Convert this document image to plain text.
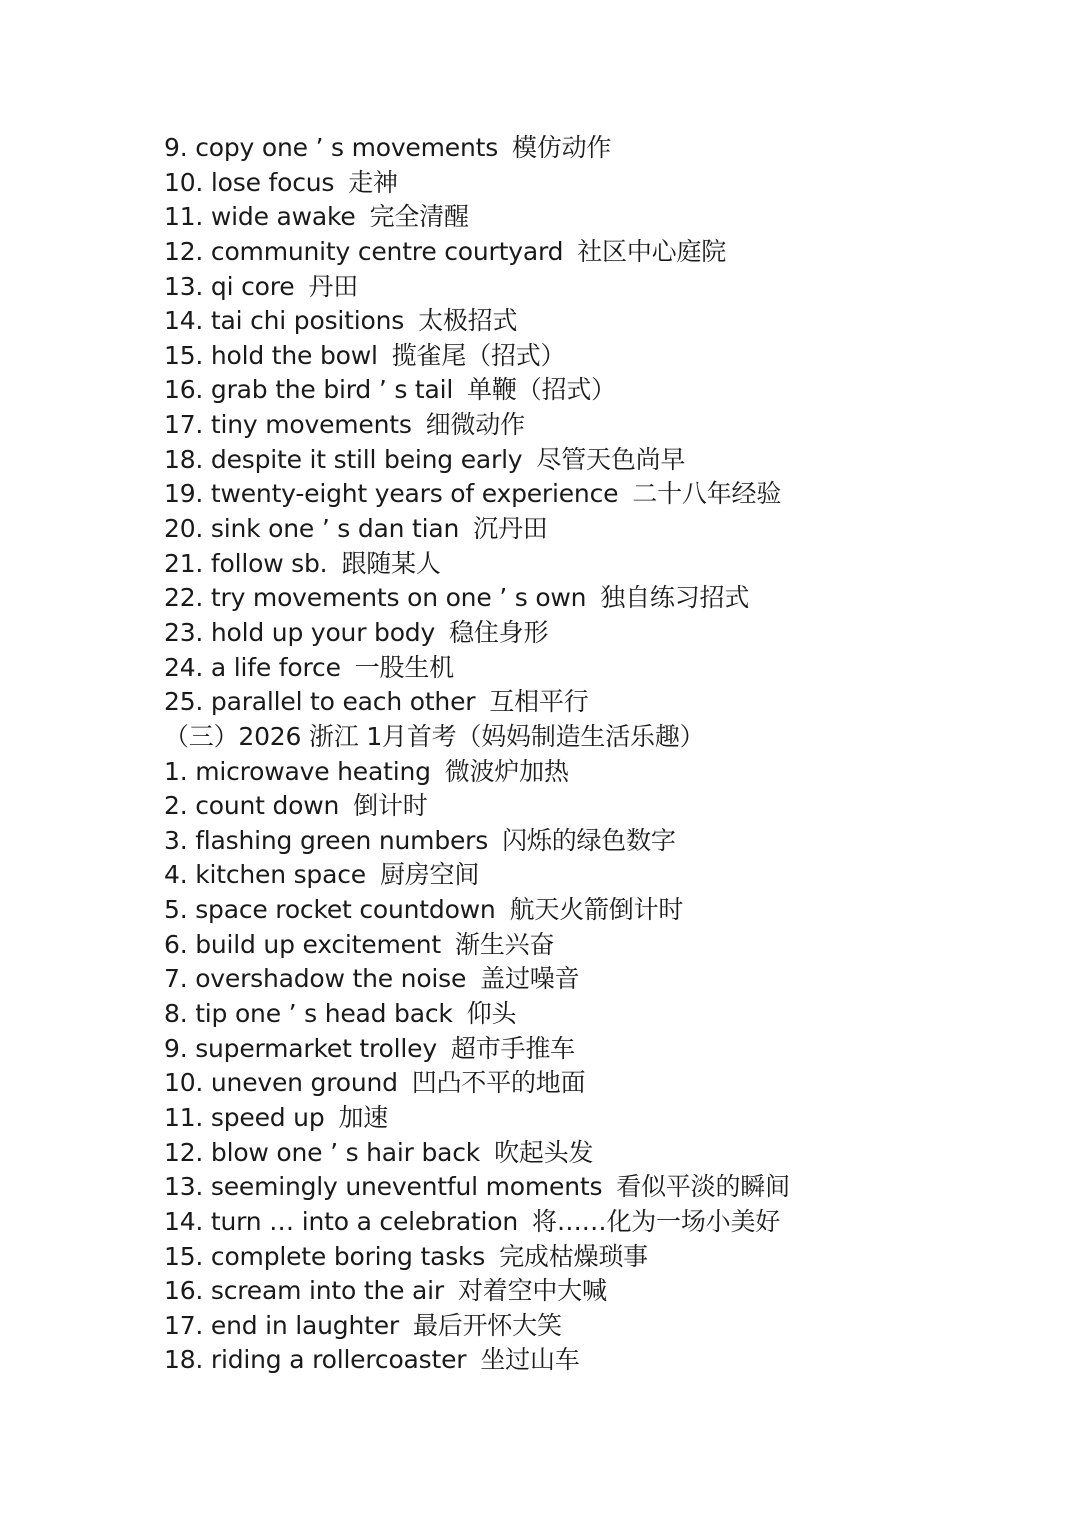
9. copy one ’ s movements 模仿动作
10. lose focus 走神
11. wide awake 完全清醒
12. community centre courtyard 社区中心庭院
13. qi core 丹田
14. tai chi positions 太极招式
15. hold the bowl 揽雀尾（招式）
16. grab the bird ’ s tail 单鞭（招式）
17. tiny movements 细微动作
18. despite it still being early 尽管天色尚早
19. twenty-eight years of experience 二十八年经验
20. sink one ’ s dan tian 沉丹田
21. follow sb. 跟随某人
22. try movements on one ’ s own 独自练习招式
23. hold up your body 稳住身形
24. a life force 一股生机
25. parallel to each other 互相平行
（三）2026 浙江 1月首考（妈妈制造生活乐趣）
1. microwave heating 微波炉加热
2. count down 倒计时
3. flashing green numbers 闪烁的绿色数字
4. kitchen space 厨房空间
5. space rocket countdown 航天火箭倒计时
6. build up excitement 渐生兴奋
7. overshadow the noise 盖过噪音
8. tip one ’ s head back 仰头
9. supermarket trolley 超市手推车
10. uneven ground 凹凸不平的地面
11. speed up 加速
12. blow one ’ s hair back 吹起头发
13. seemingly uneventful moments 看似平淡的瞬间
14. turn … into a celebration 将……化为一场小美好
15. complete boring tasks 完成枯燥琐事
16. scream into the air 对着空中大喊
17. end in laughter 最后开怀大笑
18. riding a rollercoaster 坐过山车
